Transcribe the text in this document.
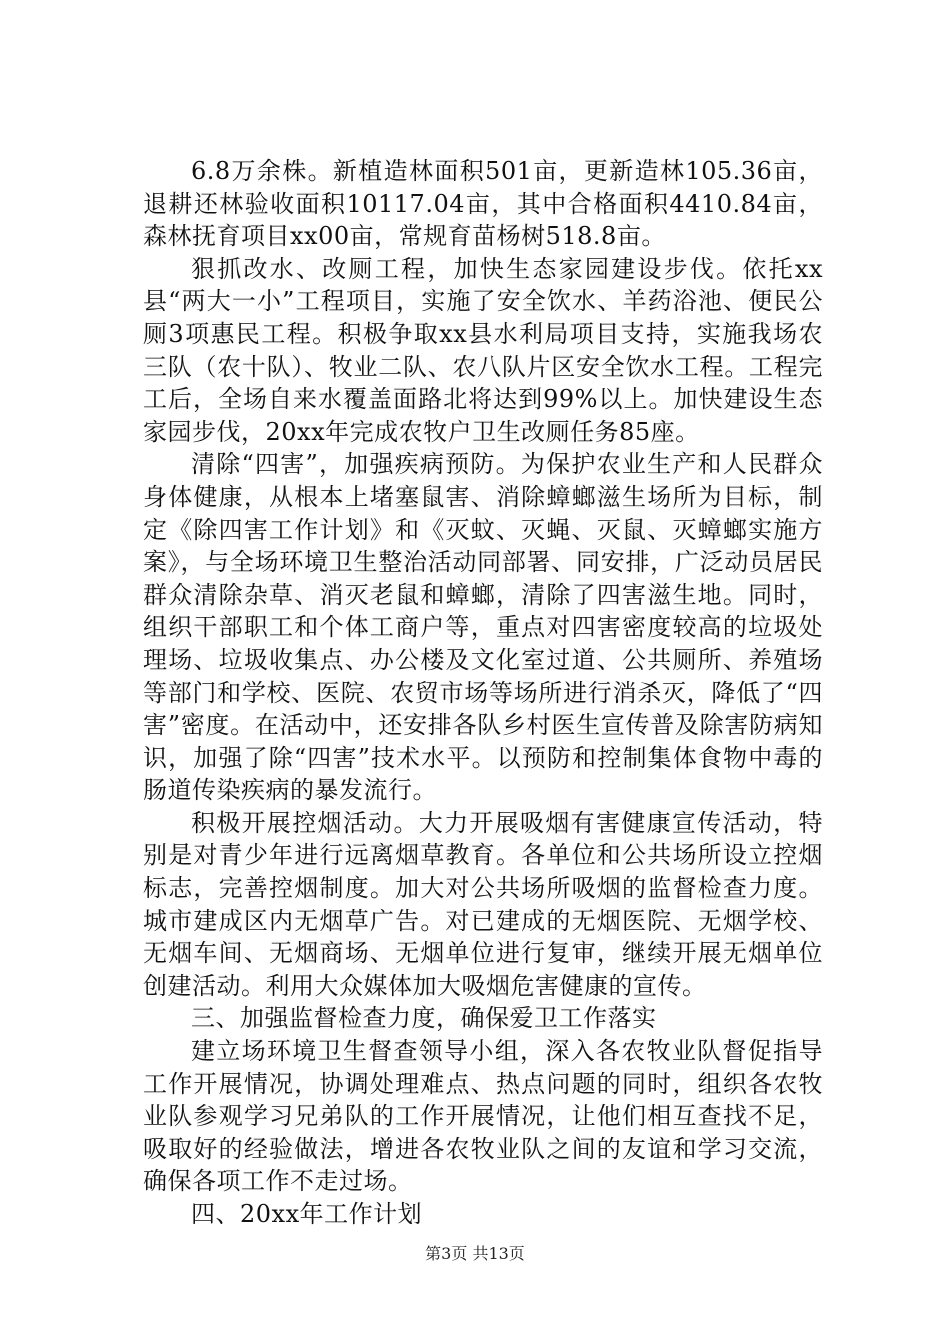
6.8万余株。新植造林面积501亩，更新造林105.36亩，退耕还林验收面积10117.04亩，其中合格面积4410.84亩，森林抚育项目xx00亩，常规育苗杨树518.8亩。

狠抓改水、改厕工程，加快生态家园建设步伐。依托xx县“两大一小”工程项目，实施了安全饮水、羊药浴池、便民公厕3项惠民工程。积极争取xx县水利局项目支持，实施我场农三队（农十队）、牧业二队、农八队片区安全饮水工程。工程完工后，全场自来水覆盖面路北将达到99%以上。加快建设生态家园步伐，20xx年完成农牧户卫生改厕任务85座。

清除“四害”，加强疾病预防。为保护农业生产和人民群众身体健康，从根本上堵塞鼠害、消除蟑螂滋生场所为目标，制定《除四害工作计划》和《灭蚊、灭蝇、灭鼠、灭蟑螂实施方案》，与全场环境卫生整治活动同部署、同安排，广泛动员居民群众清除杂草、消灭老鼠和蟑螂，清除了四害滋生地。同时，组织干部职工和个体工商户等，重点对四害密度较高的垃圾处理场、垃圾收集点、办公楼及文化室过道、公共厕所、养殖场等部门和学校、医院、农贸市场等场所进行消杀灭，降低了“四害”密度。在活动中，还安排各队乡村医生宣传普及除害防病知识，加强了除“四害”技术水平。以预防和控制集体食物中毒的肠道传染疾病的暴发流行。

积极开展控烟活动。大力开展吸烟有害健康宣传活动，特别是对青少年进行远离烟草教育。各单位和公共场所设立控烟标志，完善控烟制度。加大对公共场所吸烟的监督检查力度。城市建成区内无烟草广告。对已建成的无烟医院、无烟学校、无烟车间、无烟商场、无烟单位进行复审，继续开展无烟单位创建活动。利用大众媒体加大吸烟危害健康的宣传。

三、加强监督检查力度，确保爱卫工作落实

建立场环境卫生督查领导小组，深入各农牧业队督促指导工作开展情况，协调处理难点、热点问题的同时，组织各农牧业队参观学习兄弟队的工作开展情况，让他们相互查找不足，吸取好的经验做法，增进各农牧业队之间的友谊和学习交流，确保各项工作不走过场。

四、20xx年工作计划

第3页 共13页
